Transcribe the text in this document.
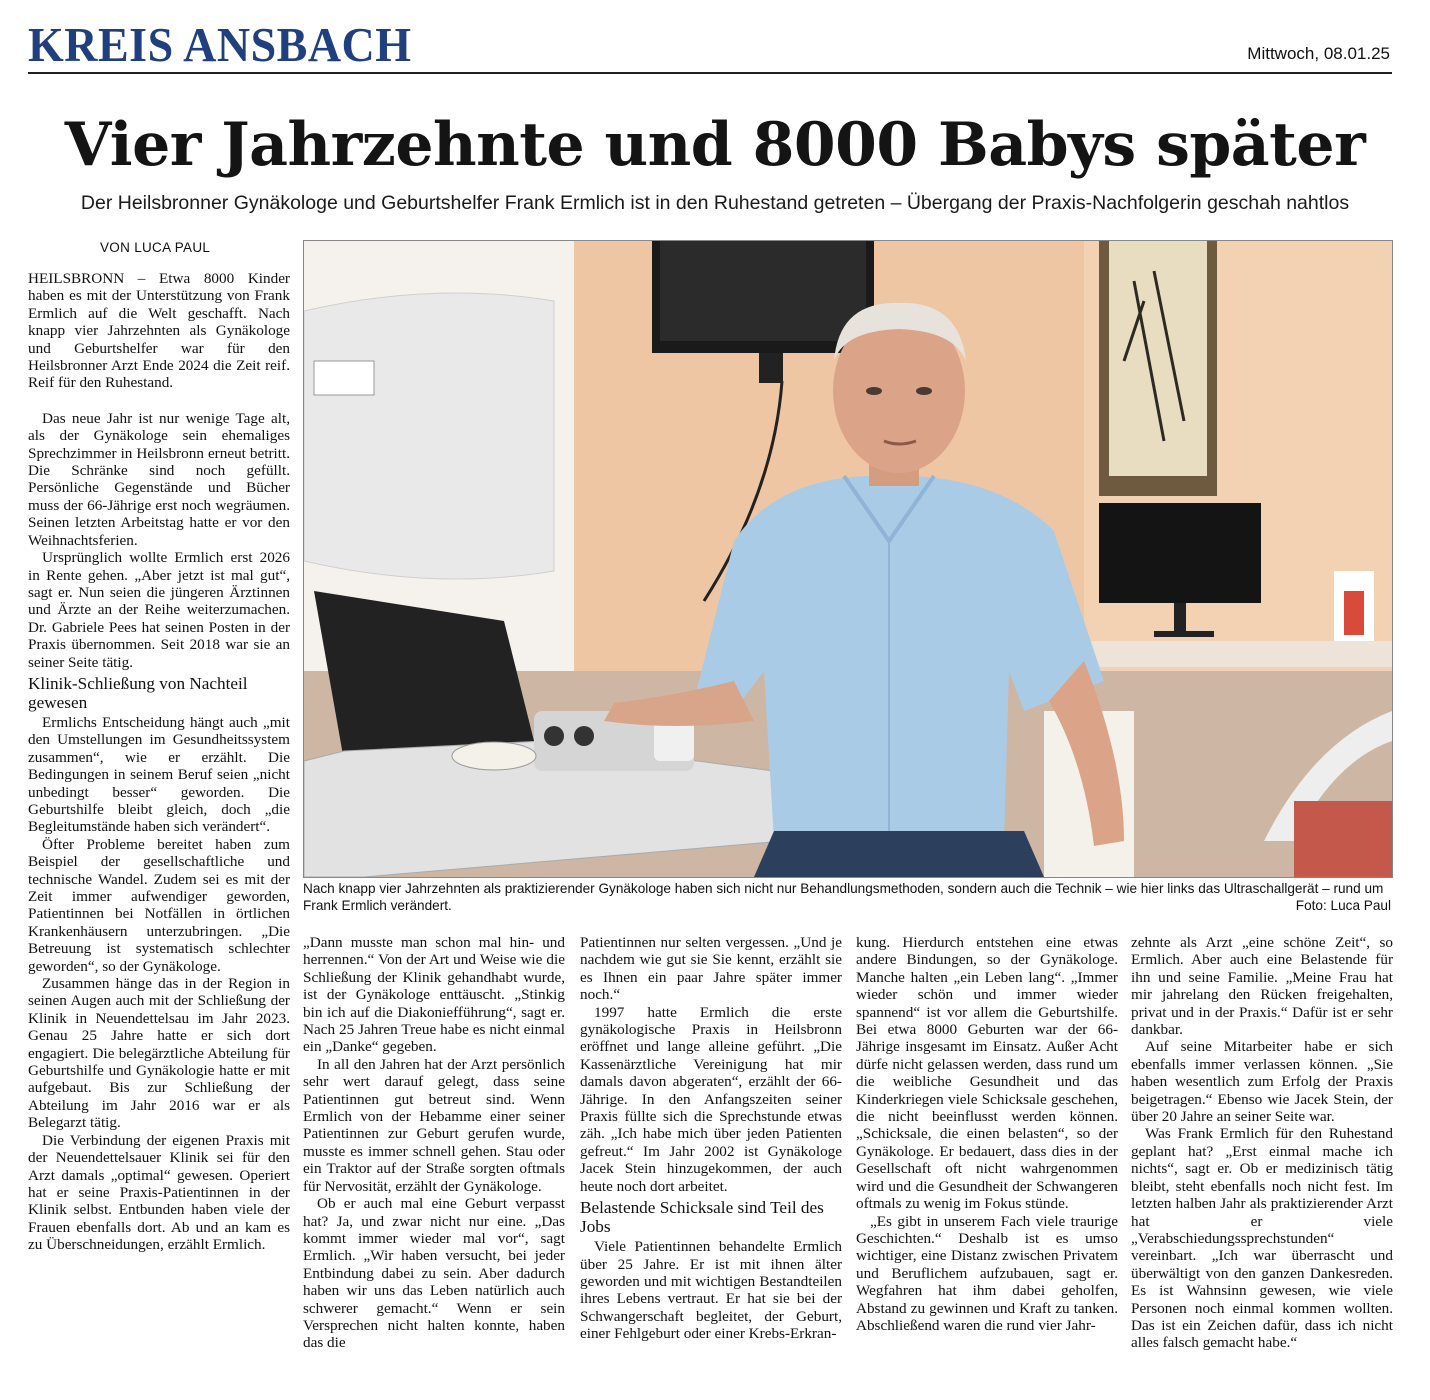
KREIS ANSBACH	Mittwoch, 08.01.25
Vier Jahrzehnte und 8000 Babys später
Der Heilsbronner Gynäkologe und Geburtshelfer Frank Ermlich ist in den Ruhestand getreten – Übergang der Praxis-Nachfolgerin geschah nahtlos
VON LUCA PAUL
Nach knapp vier Jahrzehnten als praktizierender Gynäkologe haben sich nicht nur Behandlungsmethoden, sondern auch die Technik – wie hier links das Ultraschallgerät – rund um Frank Ermlich verändert.	Foto: Luca Paul

HEILSBRONN – Etwa 8000 Kinder haben es mit der Unterstützung von Frank Ermlich auf die Welt geschafft. Nach knapp vier Jahrzehnten als Gynäkologe und Geburtshelfer war für den Heilsbronner Arzt Ende 2024 die Zeit reif. Reif für den Ruhestand.

Das neue Jahr ist nur wenige Tage alt, als der Gynäkologe sein ehemaliges Sprechzimmer in Heilsbronn erneut betritt. Die Schränke sind noch gefüllt. Persönliche Gegenstände und Bücher muss der 66-Jährige erst noch wegräumen. Seinen letzten Arbeitstag hatte er vor den Weihnachtsferien.

Ursprünglich wollte Ermlich erst 2026 in Rente gehen. „Aber jetzt ist mal gut“, sagt er. Nun seien die jüngeren Ärztinnen und Ärzte an der Reihe weiterzumachen. Dr. Gabriele Pees hat seinen Posten in der Praxis übernommen. Seit 2018 war sie an seiner Seite tätig.

Klinik-Schließung von Nachteil gewesen

Ermlichs Entscheidung hängt auch „mit den Umstellungen im Gesundheitssystem zusammen“, wie er erzählt. Die Bedingungen in seinem Beruf seien „nicht unbedingt besser“ geworden. Die Geburtshilfe bleibt gleich, doch „die Begleitumstände haben sich verändert“.

Öfter Probleme bereitet haben zum Beispiel der gesellschaftliche und technische Wandel. Zudem sei es mit der Zeit immer aufwendiger geworden, Patientinnen bei Notfällen in örtlichen Krankenhäusern unterzubringen. „Die Betreuung ist systematisch schlechter geworden“, so der Gynäkologe.

Zusammen hänge das in der Region in seinen Augen auch mit der Schließung der Klinik in Neuendettelsau im Jahr 2023. Genau 25 Jahre hatte er sich dort engagiert. Die belegärztliche Abteilung für Geburtshilfe und Gynäkologie hatte er mit aufgebaut. Bis zur Schließung der Abteilung im Jahr 2016 war er als Belegarzt tätig.

Die Verbindung der eigenen Praxis mit der Neuendettelsauer Klinik sei für den Arzt damals „optimal“ gewesen. Operiert hat er seine Praxis-Patientinnen in der Klinik selbst. Entbunden haben viele der Frauen ebenfalls dort. Ab und an kam es zu Überschneidungen, erzählt Ermlich.

„Dann musste man schon mal hin- und herrennen.“ Von der Art und Weise wie die Schließung der Klinik gehandhabt wurde, ist der Gynäkologe enttäuscht. „Stinkig bin ich auf die Diakoniefführung“, sagt er. Nach 25 Jahren Treue habe es nicht einmal ein „Danke“ gegeben.

In all den Jahren hat der Arzt persönlich sehr wert darauf gelegt, dass seine Patientinnen gut betreut sind. Wenn Ermlich von der Hebamme einer seiner Patientinnen zur Geburt gerufen wurde, musste es immer schnell gehen. Stau oder ein Traktor auf der Straße sorgten oftmals für Nervosität, erzählt der Gynäkologe.

Ob er auch mal eine Geburt verpasst hat? Ja, und zwar nicht nur eine. „Das kommt immer wieder mal vor“, sagt Ermlich. „Wir haben versucht, bei jeder Entbindung dabei zu sein. Aber dadurch haben wir uns das Leben natürlich auch schwerer gemacht.“ Wenn er sein Versprechen nicht halten konnte, haben das die

Patientinnen nur selten vergessen. „Und je nachdem wie gut sie Sie kennt, erzählt sie es Ihnen ein paar Jahre später immer noch.“

1997 hatte Ermlich die erste gynäkologische Praxis in Heilsbronn eröffnet und lange alleine geführt. „Die Kassenärztliche Vereinigung hat mir damals davon abgeraten“, erzählt der 66-Jährige. In den Anfangszeiten seiner Praxis füllte sich die Sprechstunde etwas zäh. „Ich habe mich über jeden Patienten gefreut.“ Im Jahr 2002 ist Gynäkologe Jacek Stein hinzugekommen, der auch heute noch dort arbeitet.

Belastende Schicksale sind Teil des Jobs

Viele Patientinnen behandelte Ermlich über 25 Jahre. Er ist mit ihnen älter geworden und mit wichtigen Bestandteilen ihres Lebens vertraut. Er hat sie bei der Schwangerschaft begleitet, der Geburt, einer Fehlgeburt oder einer Krebs-Erkran-

kung. Hierdurch entstehen eine etwas andere Bindungen, so der Gynäkologe. Manche halten „ein Leben lang“. „Immer wieder schön und immer wieder spannend“ ist vor allem die Geburtshilfe. Bei etwa 8000 Geburten war der 66-Jährige insgesamt im Einsatz. Außer Acht dürfe nicht gelassen werden, dass rund um die weibliche Gesundheit und das Kinderkriegen viele Schicksale geschehen, die nicht beeinflusst werden können. „Schicksale, die einen belasten“, so der Gynäkologe. Er bedauert, dass dies in der Gesellschaft oft nicht wahrgenommen wird und die Gesundheit der Schwangeren oftmals zu wenig im Fokus stünde.

„Es gibt in unserem Fach viele traurige Geschichten.“ Deshalb ist es umso wichtiger, eine Distanz zwischen Privatem und Beruflichem aufzubauen, sagt er. Wegfahren hat ihm dabei geholfen, Abstand zu gewinnen und Kraft zu tanken. Abschließend waren die rund vier Jahr-

zehnte als Arzt „eine schöne Zeit“, so Ermlich. Aber auch eine Belastende für ihn und seine Familie. „Meine Frau hat mir jahrelang den Rücken freigehalten, privat und in der Praxis.“ Dafür ist er sehr dankbar.

Auf seine Mitarbeiter habe er sich ebenfalls immer verlassen können. „Sie haben wesentlich zum Erfolg der Praxis beigetragen.“ Ebenso wie Jacek Stein, der über 20 Jahre an seiner Seite war.

Was Frank Ermlich für den Ruhestand geplant hat? „Erst einmal mache ich nichts“, sagt er. Ob er medizinisch tätig bleibt, steht ebenfalls noch nicht fest. Im letzten halben Jahr als praktizierender Arzt hat er viele „Verabschiedungssprechstunden“ vereinbart. „Ich war überrascht und überwältigt von den ganzen Dankesreden. Es ist Wahnsinn gewesen, wie viele Personen noch einmal kommen wollten. Das ist ein Zeichen dafür, dass ich nicht alles falsch gemacht habe.“
